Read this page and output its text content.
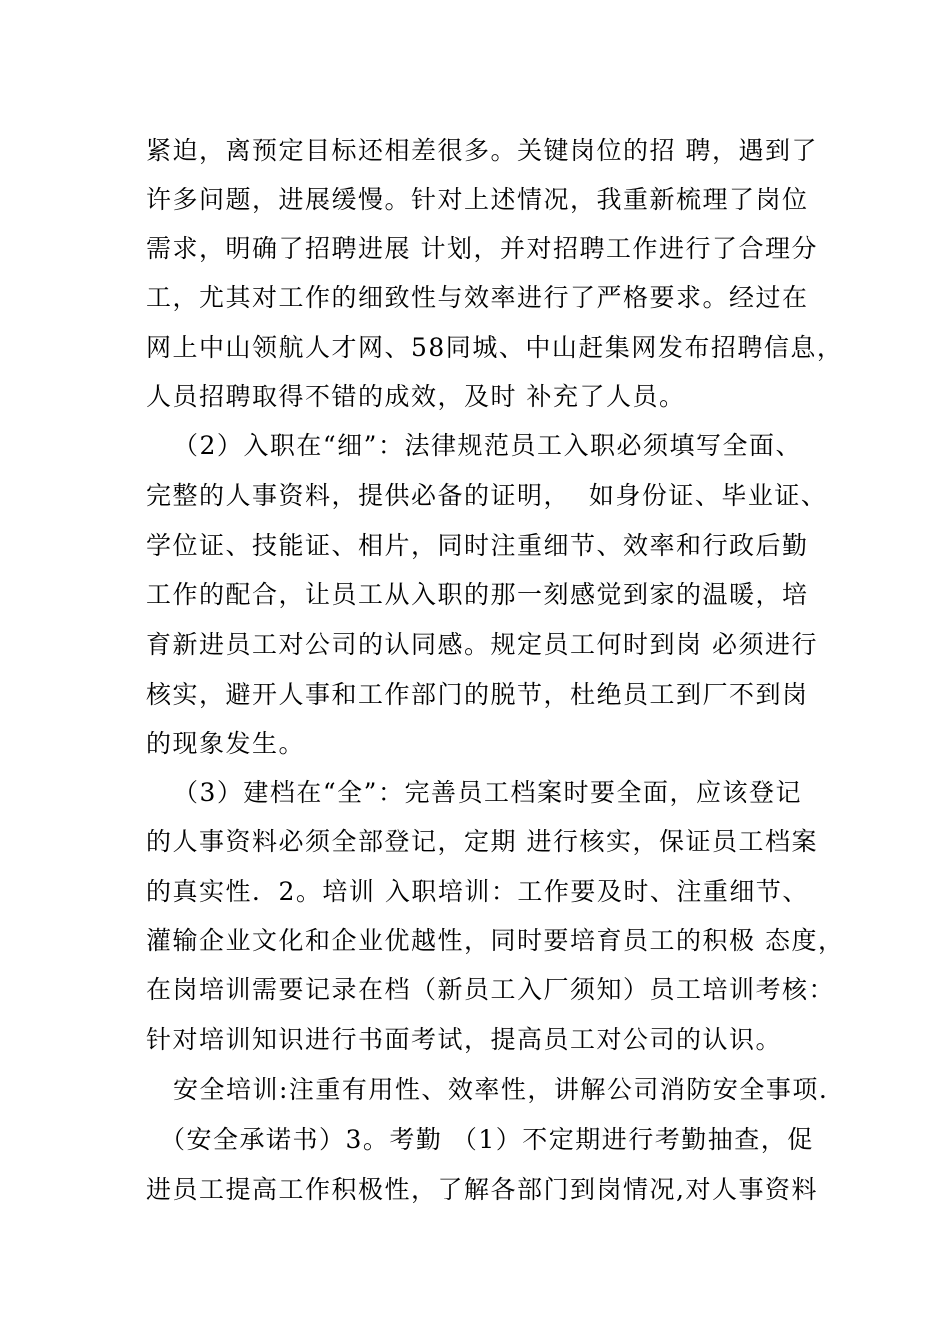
紧迫，离预定目标还相差很多。关键岗位的招 聘，遇到了
许多问题，进展缓慢。针对上述情况，我重新梳理了岗位
需求，明确了招聘进展 计划，并对招聘工作进行了合理分
工，尤其对工作的细致性与效率进行了严格要求。经过在
网上中山领航人才网、58同城、中山赶集网发布招聘信息，
人员招聘取得不错的成效，及时 补充了人员。
（2）入职在“细”：法律规范员工入职必须填写全面、
完整的人事资料，提供必备的证明，  如身份证、毕业证、
学位证、技能证、相片，同时注重细节、效率和行政后勤
工作的配合，让员工从入职的那一刻感觉到家的温暖，培
育新进员工对公司的认同感。规定员工何时到岗 必须进行
核实，避开人事和工作部门的脱节，杜绝员工到厂不到岗
的现象发生。
（3）建档在“全”：完善员工档案时要全面，应该登记
的人事资料必须全部登记，定期 进行核实，保证员工档案
的真实性．2。培训 入职培训：工作要及时、注重细节、
灌输企业文化和企业优越性，同时要培育员工的积极 态度，
在岗培训需要记录在档（新员工入厂须知）员工培训考核：
针对培训知识进行书面考试，提高员工对公司的认识。
安全培训:注重有用性、效率性，讲解公司消防安全事项.
（安全承诺书）3。考勤 （1）不定期进行考勤抽查，促
进员工提高工作积极性，了解各部门到岗情况,对人事资料
